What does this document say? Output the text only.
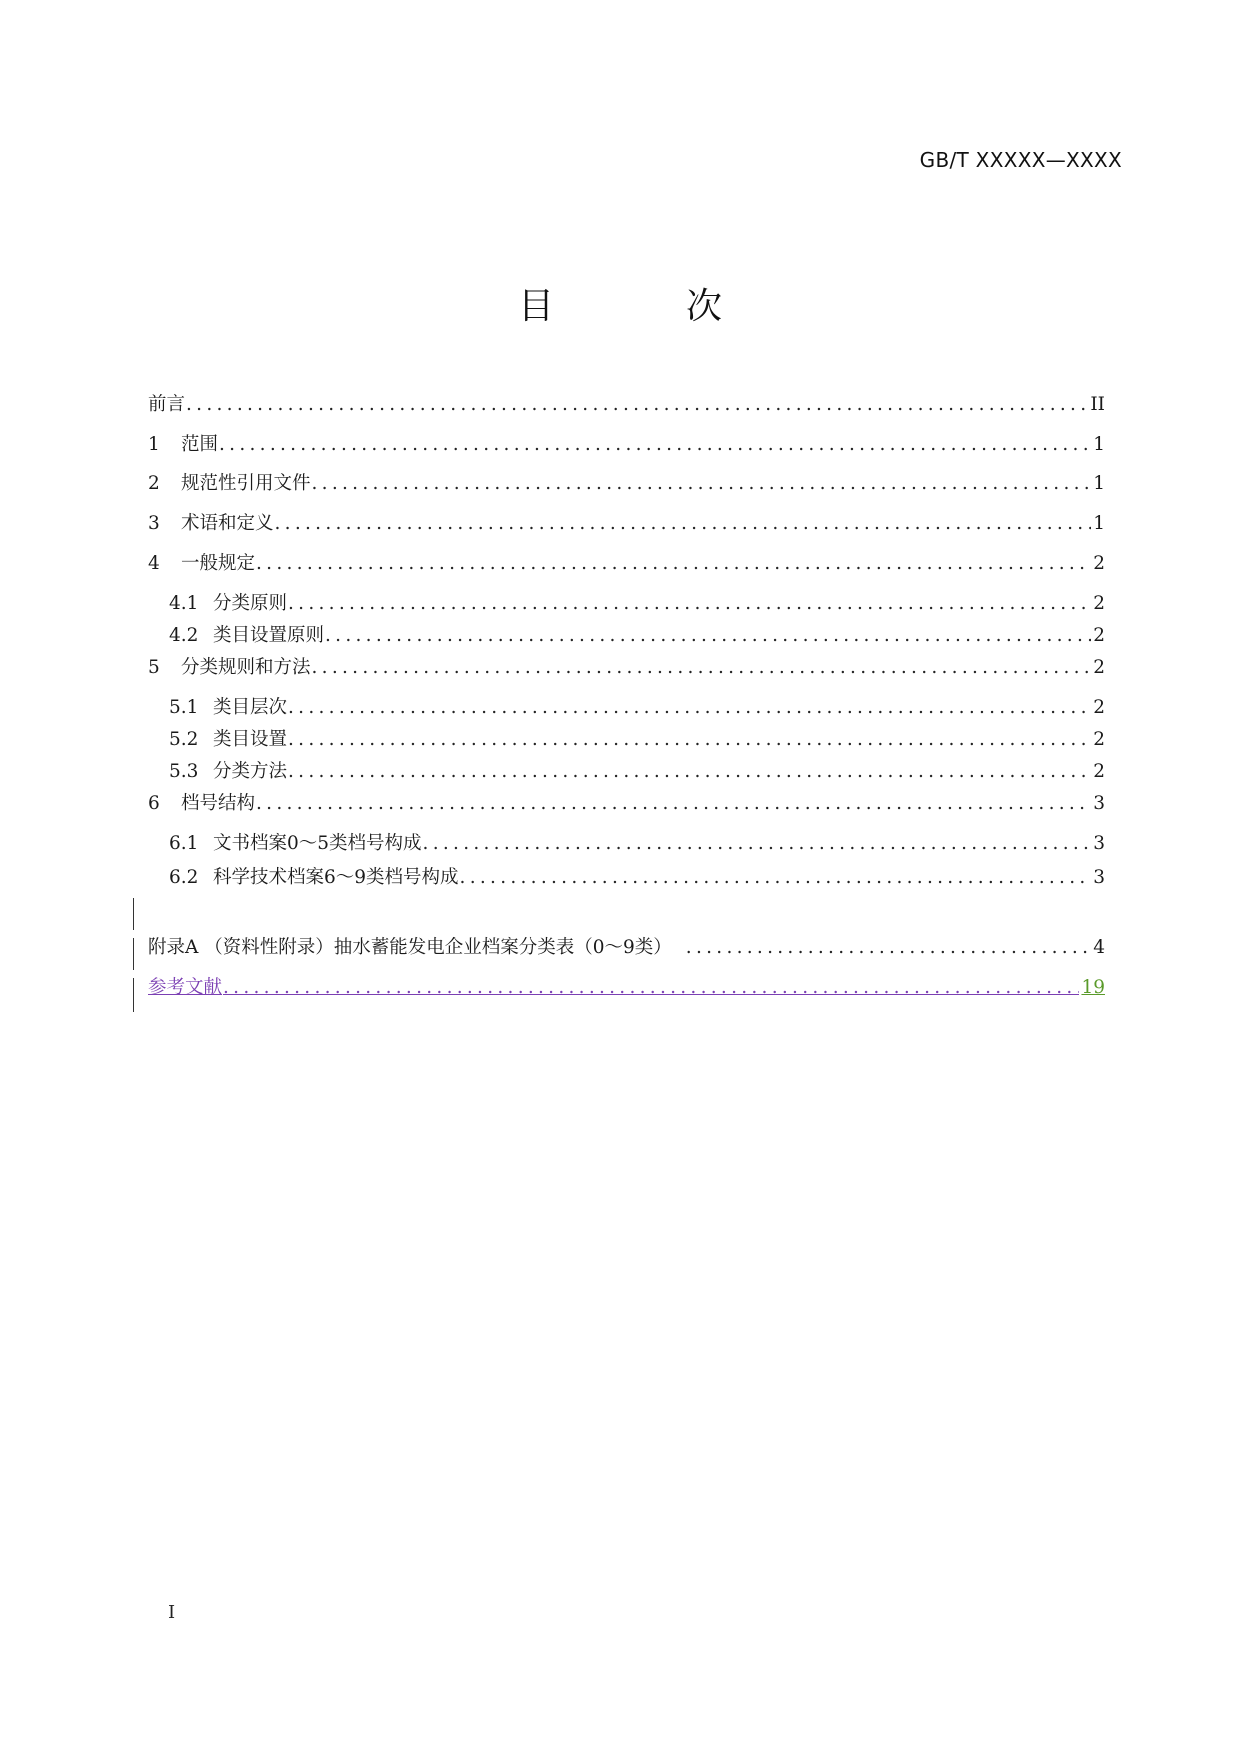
GB/T XXXXX—XXXX
目　次
前言 . . .	II
1	范围 . . .	1
2	规范性引用文件 . . .	1
3	术语和定义 . . .	1
4	一般规定 . . .	2
4.1 分类原则 . . .	2
4.2 类目设置原则 . . .	2
5	分类规则和方法 . . .	2
5.1 类目层次 . . .	2
5.2 类目设置 . . .	2
5.3 分类方法 . . .	2
6	档号结构 . . .	3
6.1 文书档案0～5类档号构成 . . .	3
6.2 科学技术档案6～9类档号构成 . . .	3
附录A （资料性附录）抽水蓄能发电企业档案分类表（0～9类） . . .	4
参考文献 . . .	19
I
